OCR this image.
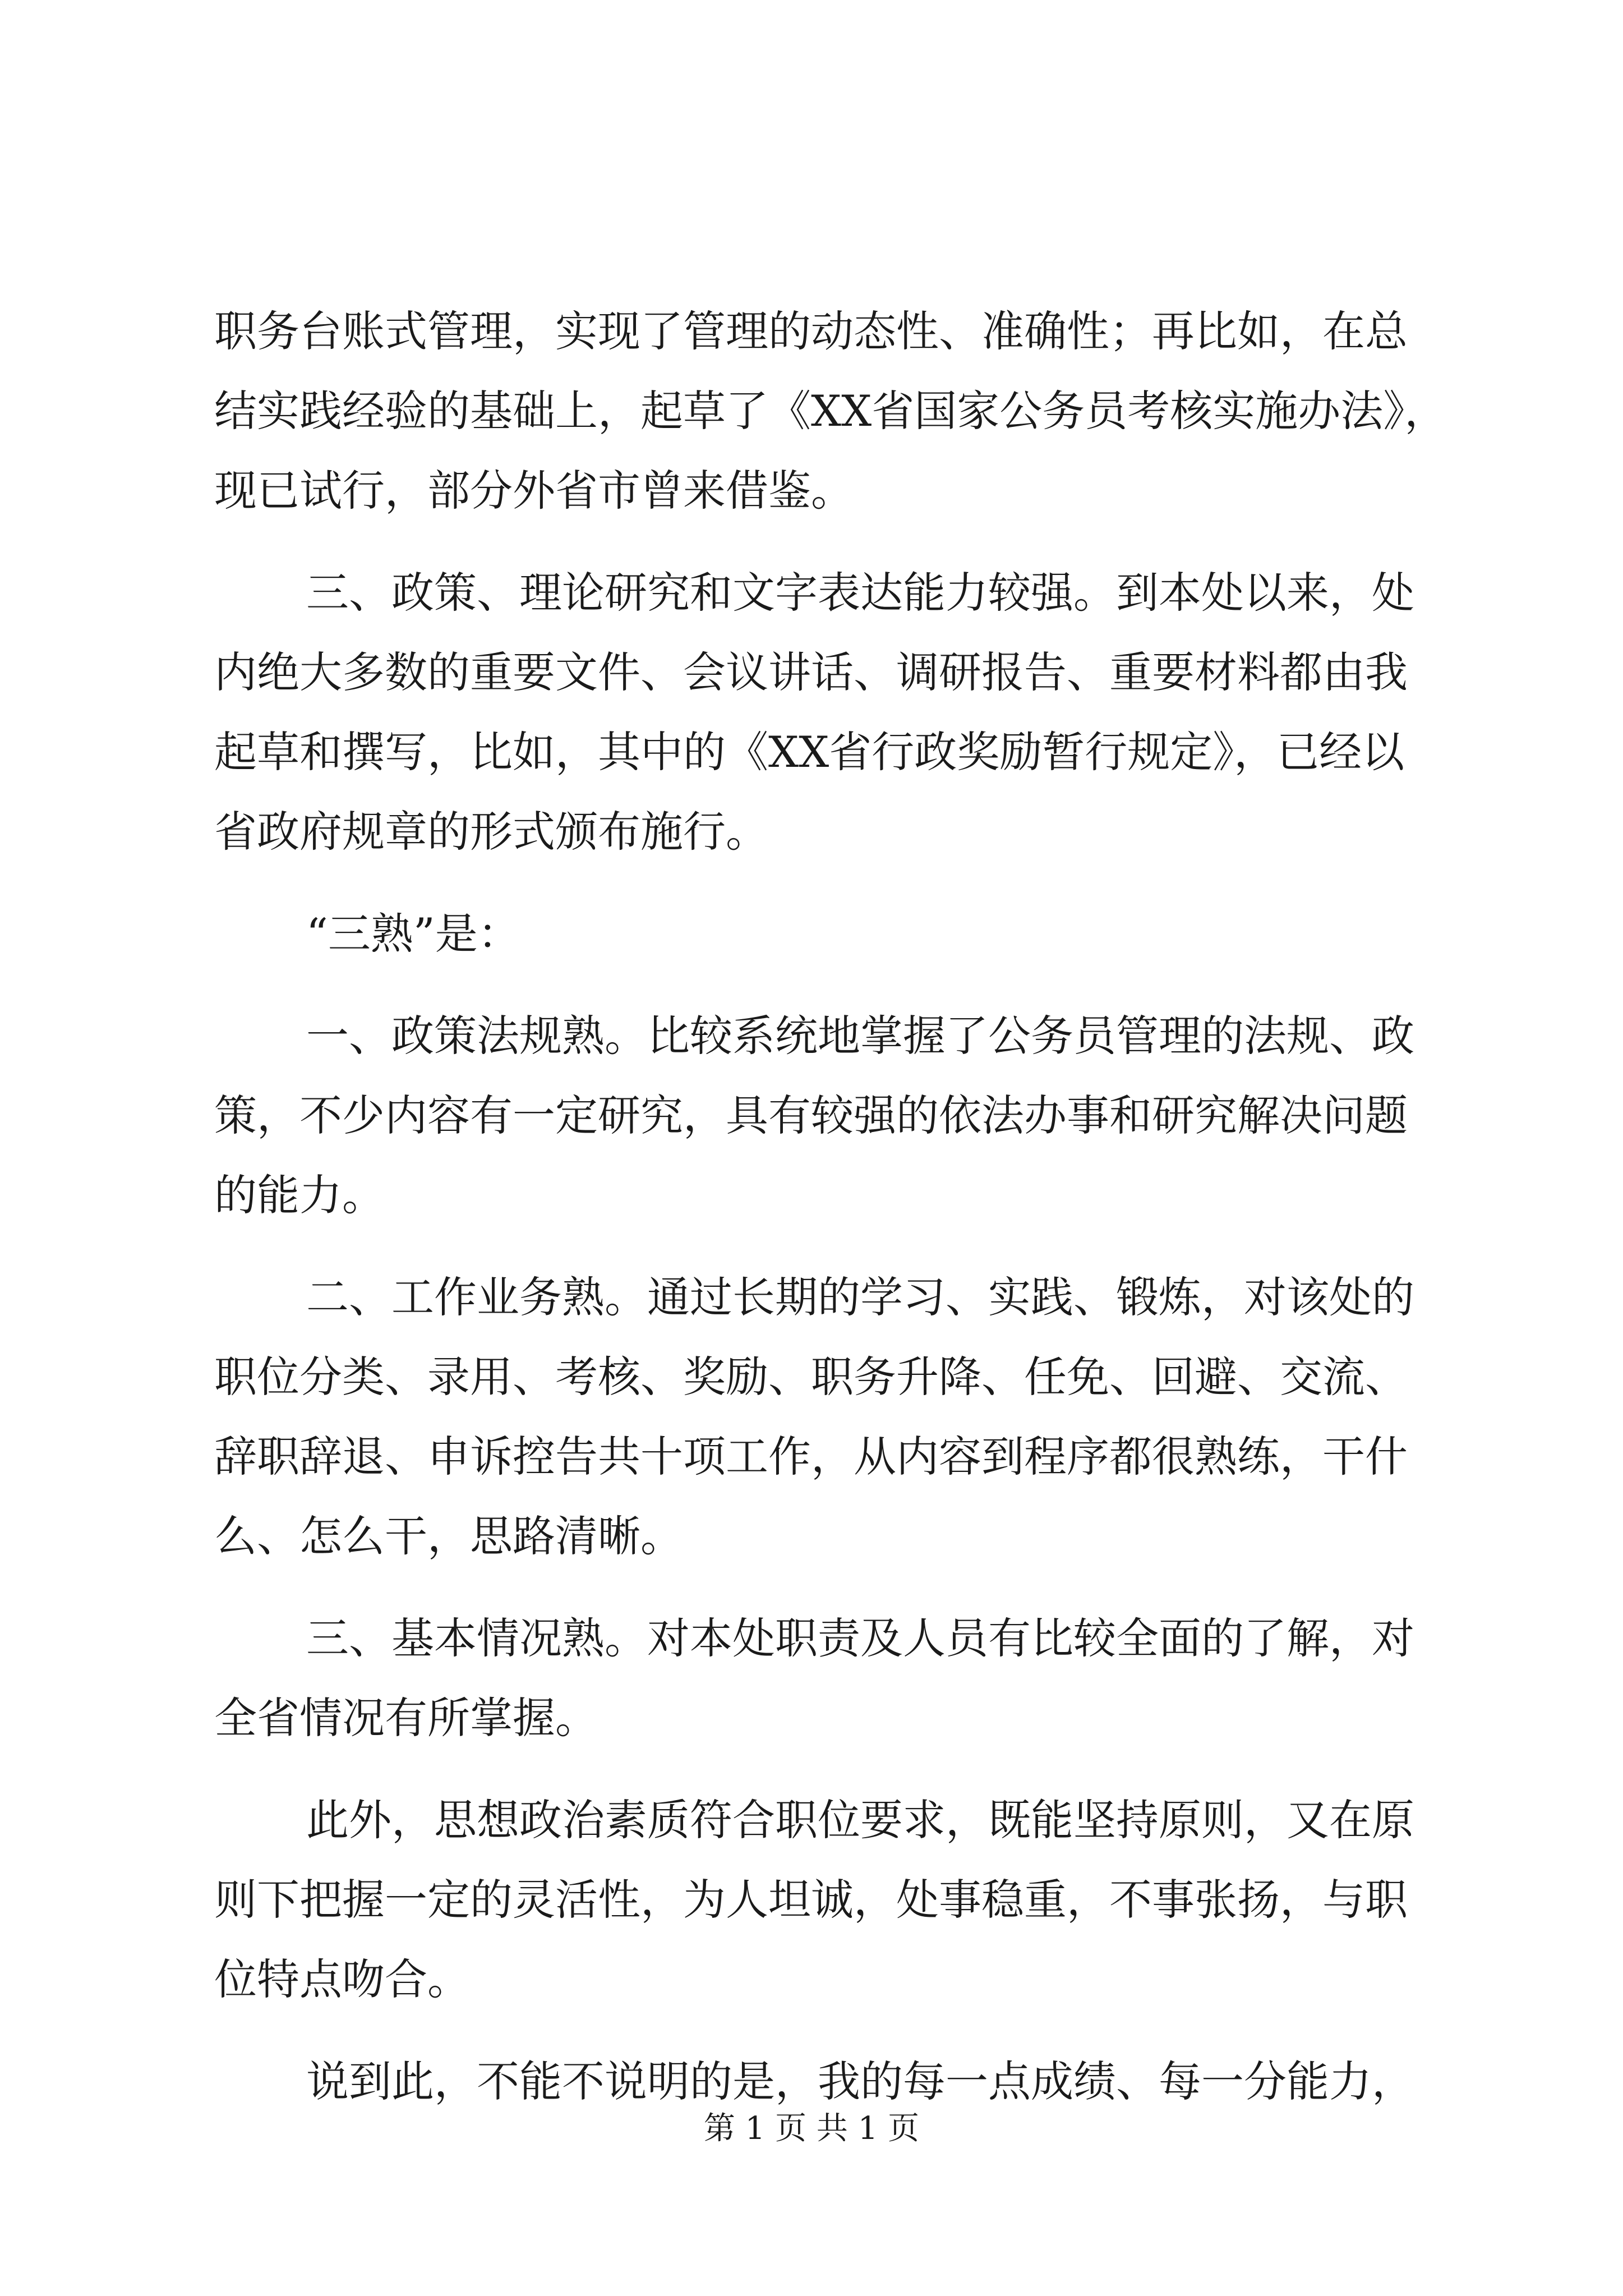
职务台账式管理，实现了管理的动态性、准确性；再比如，在总
结实践经验的基础上，起草了《XX省国家公务员考核实施办法》，
现已试行，部分外省市曾来借鉴。
三、政策、理论研究和文字表达能力较强。到本处以来，处
内绝大多数的重要文件、会议讲话、调研报告、重要材料都由我
起草和撰写，比如，其中的《XX省行政奖励暂行规定》，已经以
省政府规章的形式颁布施行。
“三熟”是：
一、政策法规熟。比较系统地掌握了公务员管理的法规、政
策，不少内容有一定研究，具有较强的依法办事和研究解决问题
的能力。
二、工作业务熟。通过长期的学习、实践、锻炼，对该处的
职位分类、录用、考核、奖励、职务升降、任免、回避、交流、
辞职辞退、申诉控告共十项工作，从内容到程序都很熟练，干什
么、怎么干，思路清晰。
三、基本情况熟。对本处职责及人员有比较全面的了解，对
全省情况有所掌握。
此外，思想政治素质符合职位要求，既能坚持原则，又在原
则下把握一定的灵活性，为人坦诚，处事稳重，不事张扬，与职
位特点吻合。
说到此，不能不说明的是，我的每一点成绩、每一分能力，
第 1 页 共 1 页
